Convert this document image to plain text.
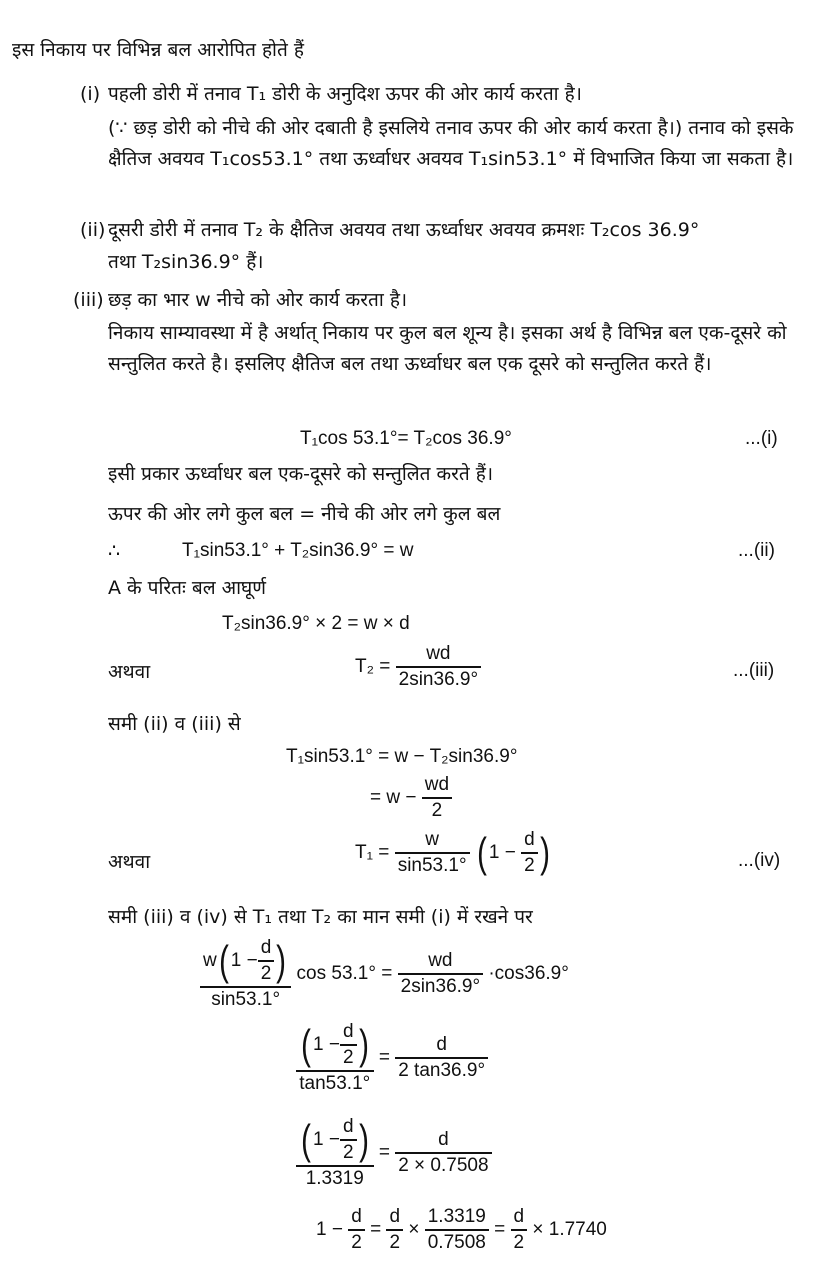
इस निकाय पर विभिन्न बल आरोपित होते हैं
(i) पहली डोरी में तनाव T₁ डोरी के अनुदिश ऊपर की ओर कार्य करता है।
(∵ छड़ डोरी को नीचे की ओर दबाती है इसलिये तनाव ऊपर की ओर कार्य करता है।) तनाव को इसके क्षैतिज अवयव T₁cos53.1° तथा ऊर्ध्वाधर अवयव T₁sin53.1° में विभाजित किया जा सकता है।
(ii) दूसरी डोरी में तनाव T₂ के क्षैतिज अवयव तथा ऊर्ध्वाधर अवयव क्रमशः T₂cos 36.9°
तथा T₂sin36.9° हैं।
(iii) छड़ का भार w नीचे को ओर कार्य करता है।
निकाय साम्यावस्था में है अर्थात् निकाय पर कुल बल शून्य है। इसका अर्थ है विभिन्न बल एक-दूसरे को सन्तुलित करते है। इसलिए क्षैतिज बल तथा ऊर्ध्वाधर बल एक दूसरे को सन्तुलित करते हैं।
T₁cos 53.1°= T₂cos 36.9°	...(i)
इसी प्रकार ऊर्ध्वाधर बल एक-दूसरे को सन्तुलित करते हैं।
ऊपर की ओर लगे कुल बल = नीचे की ओर लगे कुल बल
∴	T₁sin53.1° + T₂sin36.9° = w	...(ii)
A के परितः बल आघूर्ण
T₂sin36.9° × 2 = w × d
अथवा	$T_2 = \frac{wd}{2\sin 36.9^\circ}$	...(iii)
समी (ii) व (iii) से
T₁sin53.1° = w − T₂sin36.9°
= $w - \frac{wd}{2}$
अथवा	$T_1 = \frac{w}{\sin 53.1^\circ}$ ( $1 - \frac{d}{2}$ )	...(iv)
समी (iii) व (iv) से T₁ तथा T₂ का मान समी (i) में रखने पर
$\frac{w( 1 - \frac{d}{2} )}{\sin 53.1^\circ}$ $\cos 53.1^\circ = \frac{wd}{2\sin 36.9^\circ} \cdot\cos 36.9^\circ$
$\frac{( 1 - \frac{d}{2} )}{\tan 53.1^\circ} = \frac{d}{2 \tan 36.9^\circ}$
$\frac{( 1 - \frac{d}{2} )}{1.3319} = \frac{d}{2 \times 0.7508}$
$1 - \frac{d}{2} = \frac{d}{2} \times \frac{1.3319}{0.7508} = \frac{d}{2} \times 1.7740$
